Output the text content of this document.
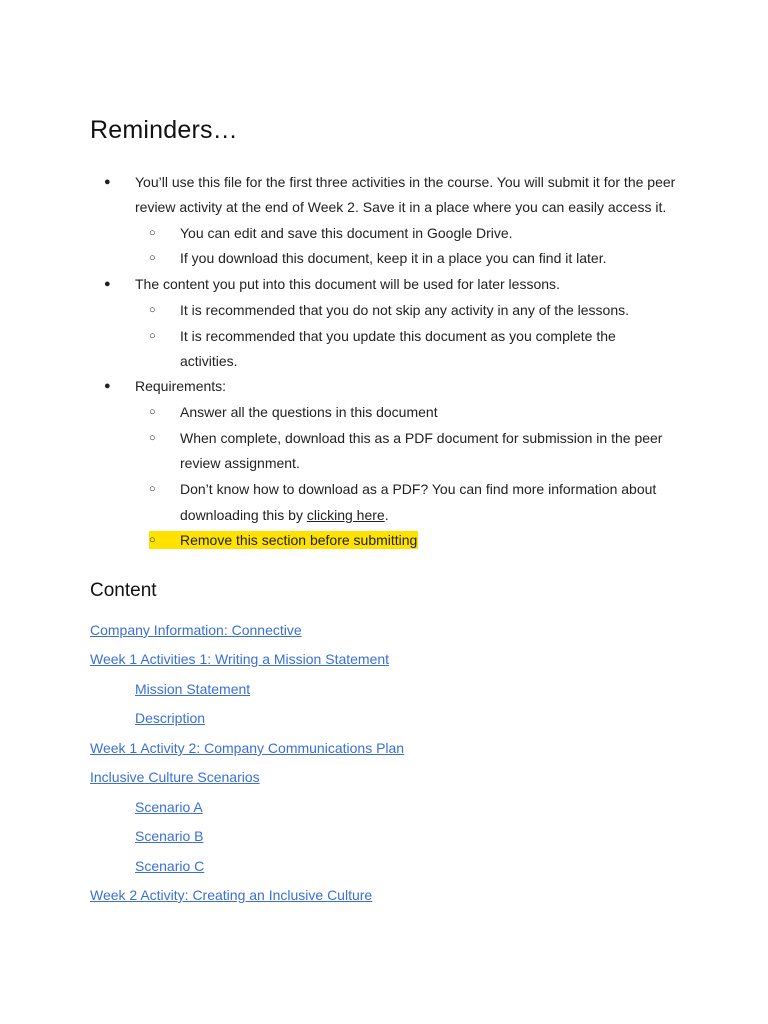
Reminders…
● You’ll use this file for the first three activities in the course. You will submit it for the peer
review activity at the end of Week 2. Save it in a place where you can easily access it.
○ You can edit and save this document in Google Drive.
○ If you download this document, keep it in a place you can find it later.
● The content you put into this document will be used for later lessons.
○ It is recommended that you do not skip any activity in any of the lessons.
○ It is recommended that you update this document as you complete the
activities.
● Requirements:
○ Answer all the questions in this document
○ When complete, download this as a PDF document for submission in the peer
review assignment.
○ Don’t know how to download as a PDF? You can find more information about
downloading this by clicking here.
○ Remove this section before submitting
Content
Company Information: Connective
Week 1 Activities 1: Writing a Mission Statement
Mission Statement
Description
Week 1 Activity 2: Company Communications Plan
Inclusive Culture Scenarios
Scenario A
Scenario B
Scenario C
Week 2 Activity: Creating an Inclusive Culture
